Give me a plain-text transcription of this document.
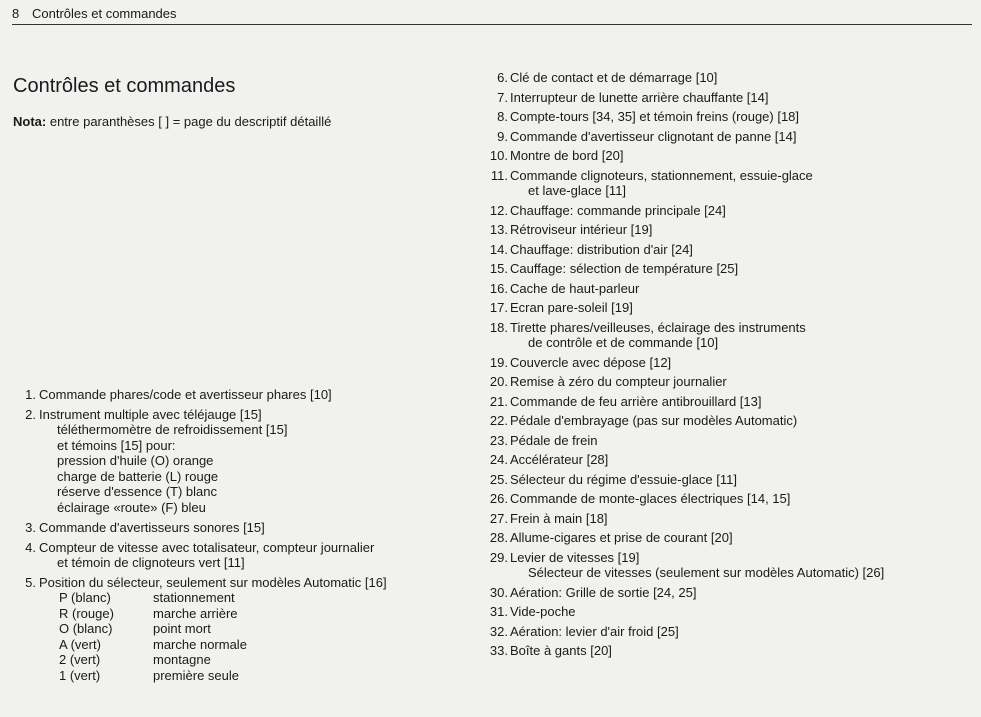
8 Contrôles et commandes
Contrôles et commandes
Nota: entre paranthèses [ ] = page du descriptif détaillé
1. Commande phares/code et avertisseur phares [10]
2. Instrument multiple avec téléjauge [15]
téléthermomètre de refroidissement [15]
et témoins [15] pour:
pression d'huile (O) orange
charge de batterie (L) rouge
réserve d'essence (T) blanc
éclairage «route» (F) bleu
3. Commande d'avertisseurs sonores [15]
4. Compteur de vitesse avec totalisateur, compteur journalier
et témoin de clignoteurs vert [11]
5. Position du sélecteur, seulement sur modèles Automatic [16]
P (blanc)	stationnement
R (rouge)	marche arrière
O (blanc)	point mort
A (vert)	marche normale
2 (vert)	montagne
1 (vert)	première seule
6. Clé de contact et de démarrage [10]
7. Interrupteur de lunette arrière chauffante [14]
8. Compte-tours [34, 35] et témoin freins (rouge) [18]
9. Commande d'avertisseur clignotant de panne [14]
10. Montre de bord [20]
11. Commande clignoteurs, stationnement, essuie-glace
et lave-glace [11]
12. Chauffage: commande principale [24]
13. Rétroviseur intérieur [19]
14. Chauffage: distribution d'air [24]
15. Cauffage: sélection de température [25]
16. Cache de haut-parleur
17. Ecran pare-soleil [19]
18. Tirette phares/veilleuses, éclairage des instruments
de contrôle et de commande [10]
19. Couvercle avec dépose [12]
20. Remise à zéro du compteur journalier
21. Commande de feu arrière antibrouillard [13]
22. Pédale d'embrayage (pas sur modèles Automatic)
23. Pédale de frein
24. Accélérateur [28]
25. Sélecteur du régime d'essuie-glace [11]
26. Commande de monte-glaces électriques [14, 15]
27. Frein à main [18]
28. Allume-cigares et prise de courant [20]
29. Levier de vitesses [19]
Sélecteur de vitesses (seulement sur modèles Automatic) [26]
30. Aération: Grille de sortie [24, 25]
31. Vide-poche
32. Aération: levier d'air froid [25]
33. Boîte à gants [20]
